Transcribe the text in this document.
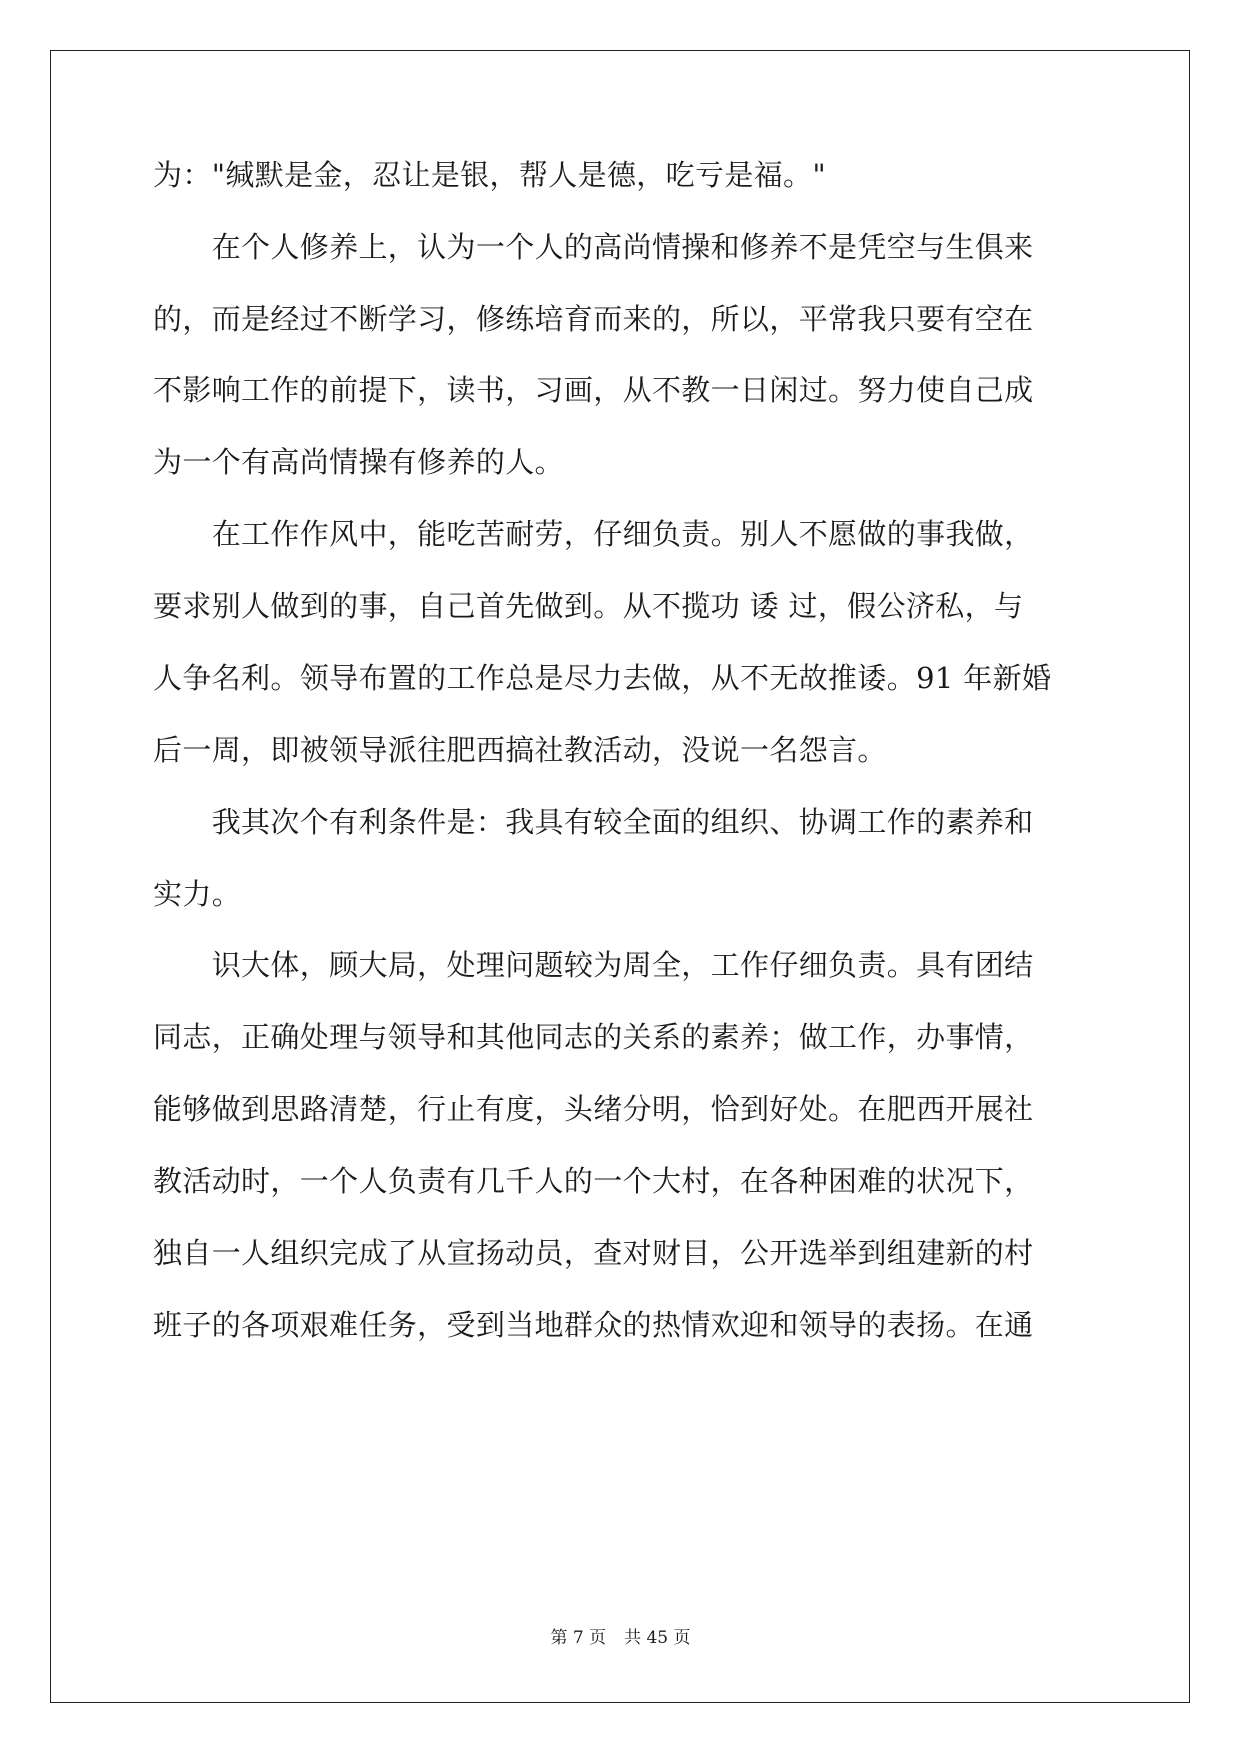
为："缄默是金，忍让是银，帮人是德，吃亏是福。"
　　在个人修养上，认为一个人的高尚情操和修养不是凭空与生俱来
的，而是经过不断学习，修练培育而来的，所以，平常我只要有空在
不影响工作的前提下，读书，习画，从不教一日闲过。努力使自己成
为一个有高尚情操有修养的人。
　　在工作作风中，能吃苦耐劳，仔细负责。别人不愿做的事我做，
要求别人做到的事，自己首先做到。从不揽功 诿 过，假公济私，与
人争名利。领导布置的工作总是尽力去做，从不无故推诿。91 年新婚
后一周，即被领导派往肥西搞社教活动，没说一名怨言。
　　我其次个有利条件是：我具有较全面的组织、协调工作的素养和
实力。
　　识大体，顾大局，处理问题较为周全，工作仔细负责。具有团结
同志，正确处理与领导和其他同志的关系的素养；做工作，办事情，
能够做到思路清楚，行止有度，头绪分明，恰到好处。在肥西开展社
教活动时，一个人负责有几千人的一个大村，在各种困难的状况下，
独自一人组织完成了从宣扬动员，查对财目，公开选举到组建新的村
班子的各项艰难任务，受到当地群众的热情欢迎和领导的表扬。在通
第 7 页 共 45 页
